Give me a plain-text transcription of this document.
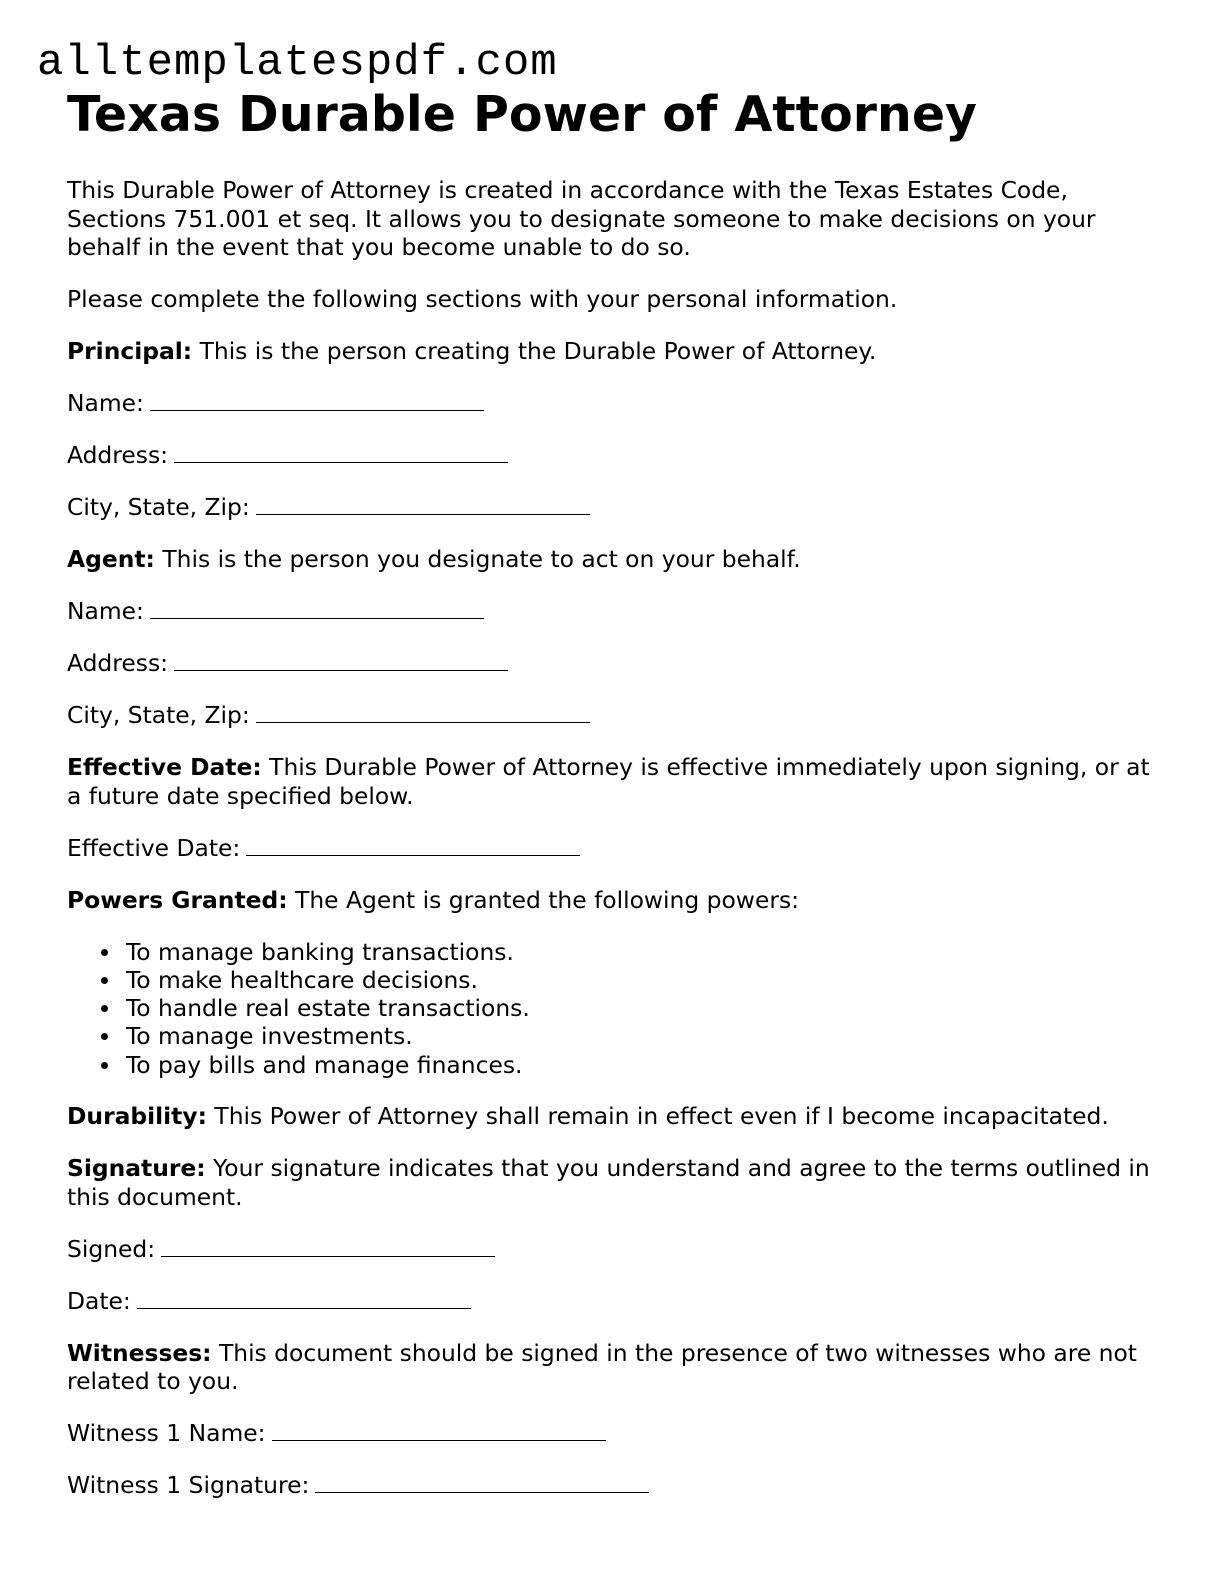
alltemplatespdf.com
Texas Durable Power of Attorney

This Durable Power of Attorney is created in accordance with the Texas Estates Code, Sections 751.001 et seq. It allows you to designate someone to make decisions on your behalf in the event that you become unable to do so.

Please complete the following sections with your personal information.

Principal: This is the person creating the Durable Power of Attorney.

Name:

Address:

City, State, Zip:

Agent: This is the person you designate to act on your behalf.

Name:

Address:

City, State, Zip:

Effective Date: This Durable Power of Attorney is effective immediately upon signing, or at a future date specified below.

Effective Date:

Powers Granted: The Agent is granted the following powers:

To manage banking transactions.
To make healthcare decisions.
To handle real estate transactions.
To manage investments.
To pay bills and manage finances.

Durability: This Power of Attorney shall remain in effect even if I become incapacitated.

Signature: Your signature indicates that you understand and agree to the terms outlined in this document.

Signed:

Date:

Witnesses: This document should be signed in the presence of two witnesses who are not related to you.

Witness 1 Name:

Witness 1 Signature:
